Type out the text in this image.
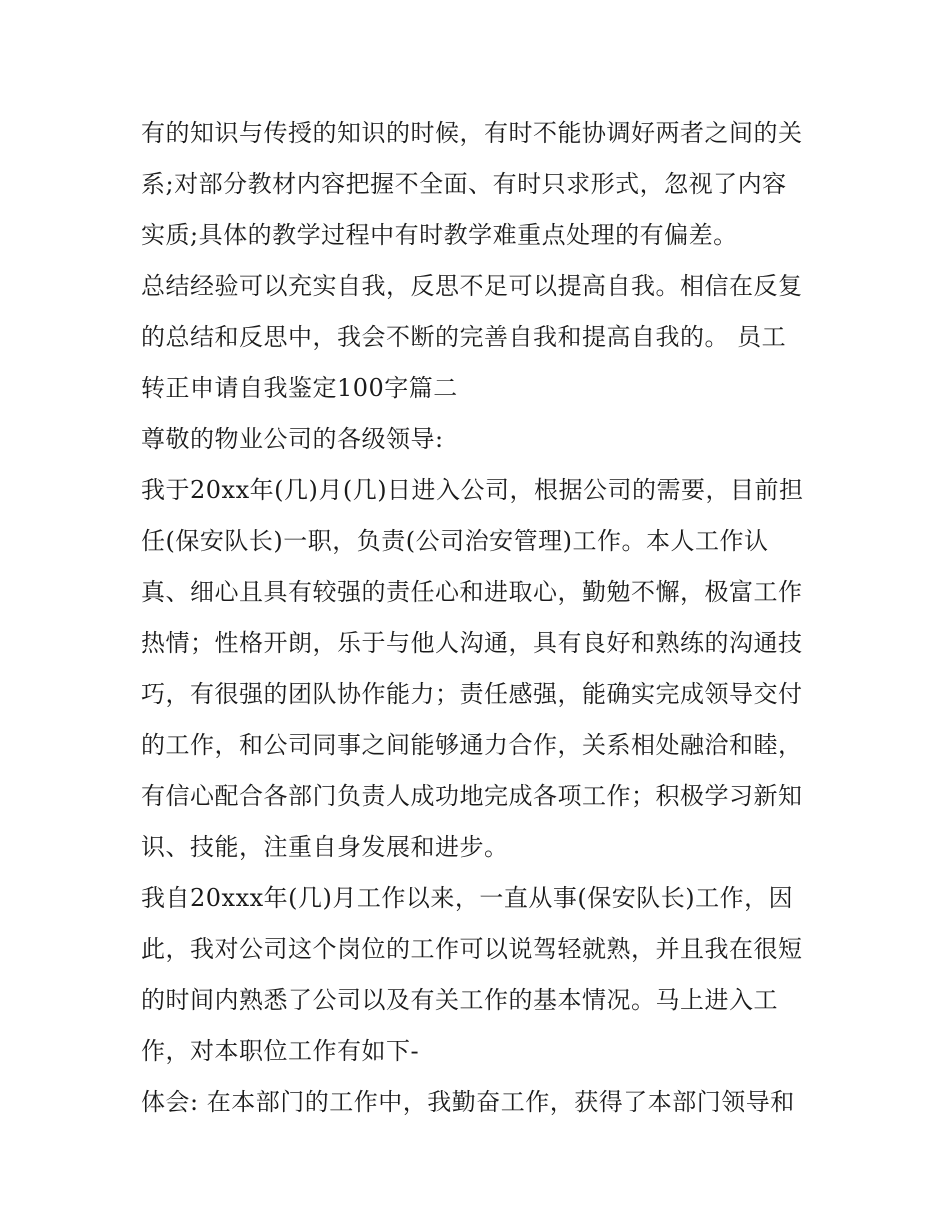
有的知识与传授的知识的时候，有时不能协调好两者之间的关
系;对部分教材内容把握不全面、有时只求形式，忽视了内容
实质;具体的教学过程中有时教学难重点处理的有偏差。
总结经验可以充实自我，反思不足可以提高自我。相信在反复
的总结和反思中，我会不断的完善自我和提高自我的。 员工
转正申请自我鉴定100字篇二
尊敬的物业公司的各级领导:
我于20xx年(几)月(几)日进入公司，根据公司的需要，目前担
任(保安队长)一职，负责(公司治安管理)工作。本人工作认
真、细心且具有较强的责任心和进取心，勤勉不懈，极富工作
热情；性格开朗，乐于与他人沟通，具有良好和熟练的沟通技
巧，有很强的团队协作能力；责任感强，能确实完成领导交付
的工作，和公司同事之间能够通力合作，关系相处融洽和睦，
有信心配合各部门负责人成功地完成各项工作；积极学习新知
识、技能，注重自身发展和进步。
我自20xxx年(几)月工作以来，一直从事(保安队长)工作，因
此，我对公司这个岗位的工作可以说驾轻就熟，并且我在很短
的时间内熟悉了公司以及有关工作的基本情况。马上进入工
作，对本职位工作有如下-
体会: 在本部门的工作中，我勤奋工作，获得了本部门领导和
